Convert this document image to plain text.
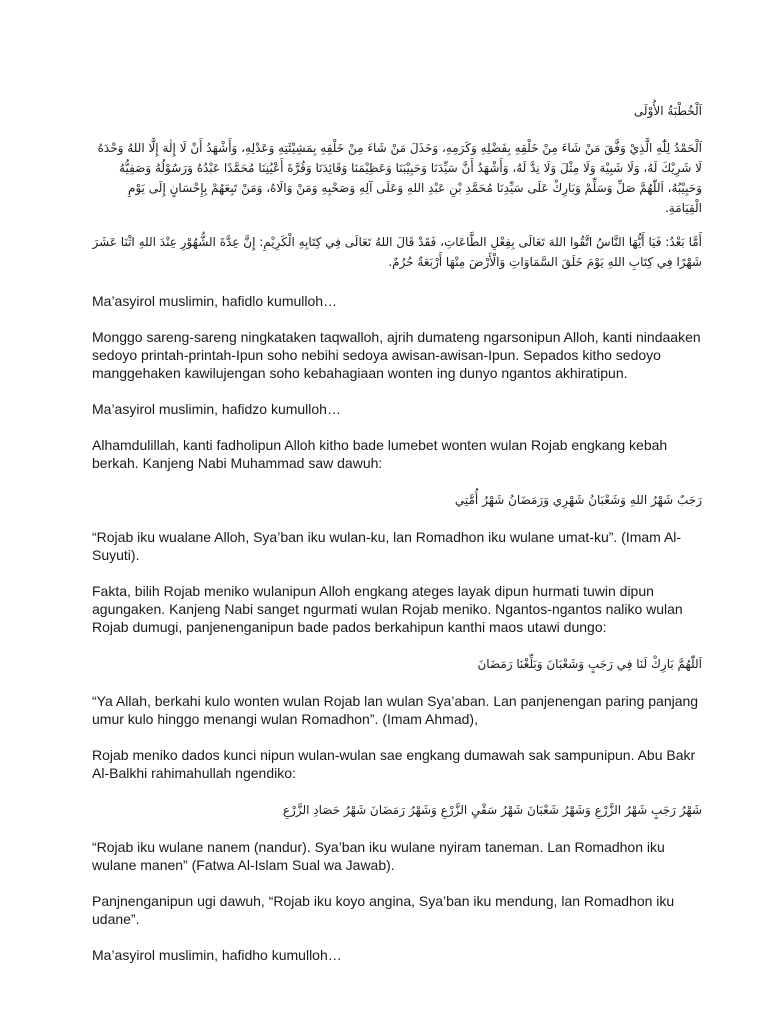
اَلْخُطْبَةُ الأُوْلَى

اَلْحَمْدُ لِلّٰهِ الَّذِيْ وَفَّقَ مَنْ شَاءَ مِنْ خَلْقِهِ بِفَضْلِهِ وَكَرَمِهِ، وَخَذَلَ مَنْ شَاءَ مِنْ خَلْقِهِ بِمَشِيْئَتِهِ وَعَدْلِهِ، وَأَشْهَدُ أَنْ لَا إِلٰهَ إِلَّا اللهُ وَحْدَهُ لَا شَرِيْكَ لَهُ، وَلَا شَبِيْهَ وَلَا مِثْلَ وَلَا نِدَّ لَهُ، وَأَشْهَدُ أَنَّ سَيِّدَنَا وَحَبِيْبَنَا وَعَظِيْمَنَا وَقَائِدَنَا وَقُرَّةَ أَعْيُنِنَا مُحَمَّدًا عَبْدُهُ وَرَسُوْلُهُ وَصَفِيُّهُ وَحَبِيْبُهُ، اَللّٰهُمَّ صَلِّ وَسَلِّمْ وَبَارِكْ عَلَى سَيِّدِنَا مُحَمَّدِ بْنِ عَبْدِ اللهِ وَعَلَى آلِهِ وَصَحْبِهِ وَمَنْ وَالَاهُ، وَمَنْ تَبِعَهُمْ بِإِحْسَانٍ إِلَى يَوْمِ الْقِيَامَةِ.

أَمَّا بَعْدُ: فَيَا أَيُّهَا النَّاسُ اتَّقُوا اللهَ تَعَالَى بِفِعْلِ الطَّاعَاتِ، فَقَدْ قَالَ اللهُ تَعَالَى فِي كِتَابِهِ الْكَرِيْمِ: إِنَّ عِدَّةَ الشُّهُوْرِ عِنْدَ اللهِ اثْنَا عَشَرَ شَهْرًا فِي كِتَابِ اللهِ يَوْمَ خَلَقَ السَّمَاوَاتِ وَالْأَرْضَ مِنْهَا أَرْبَعَةٌ حُرُمٌ.

Ma’asyirol muslimin, hafidlo kumulloh…

Monggo sareng-sareng ningkataken taqwalloh, ajrih dumateng ngarsonipun Alloh, kanti nindaaken sedoyo printah-printah-Ipun soho nebihi sedoya awisan-awisan-Ipun. Sepados kitho sedoyo manggehaken kawilujengan soho kebahagiaan wonten ing dunyo ngantos akhiratipun.

Ma’asyirol muslimin, hafidzo kumulloh…

Alhamdulillah, kanti fadholipun Alloh kitho bade lumebet wonten wulan Rojab engkang kebah berkah. Kanjeng Nabi Muhammad saw dawuh:

رَجَبٌ شَهْرُ اللهِ وَشَعْبَانُ شَهْرِي وَرَمَضَانُ شَهْرُ أُمَّتِي

“Rojab iku wualane Alloh, Sya’ban iku wulan-ku, lan Romadhon iku wulane umat-ku”. (Imam Al-Suyuti).

Fakta, bilih Rojab meniko wulanipun Alloh engkang ateges layak dipun hurmati tuwin dipun agungaken. Kanjeng Nabi sanget ngurmati wulan Rojab meniko. Ngantos-ngantos naliko wulan Rojab dumugi, panjenenganipun bade pados berkahipun kanthi maos utawi dungo:

اَللّٰهُمَّ بَارِكْ لَنَا فِي رَجَبٍ وَشَعْبَانَ وَبَلِّغْنَا رَمَضَانَ

“Ya Allah, berkahi kulo wonten wulan Rojab lan wulan Sya’aban. Lan panjenengan paring panjang umur kulo hinggo menangi wulan Romadhon”. (Imam Ahmad),

Rojab meniko dados kunci nipun wulan-wulan sae engkang dumawah sak sampunipun. Abu Bakr Al-Balkhi rahimahullah ngendiko:

شَهْرُ رَجَبٍ شَهْرُ الزَّرْعِ وَشَهْرُ شَعْبَانَ شَهْرُ سَقْيِ الزَّرْعِ وَشَهْرُ رَمَضَانَ شَهْرُ حَصَادِ الزَّرْعِ

“Rojab iku wulane nanem (nandur). Sya’ban iku wulane nyiram taneman. Lan Romadhon iku wulane manen” (Fatwa Al-Islam Sual wa Jawab).

Panjnenganipun ugi dawuh, “Rojab iku koyo angina, Sya’ban iku mendung, lan Romadhon iku udane”.

Ma’asyirol muslimin, hafidho kumulloh…
